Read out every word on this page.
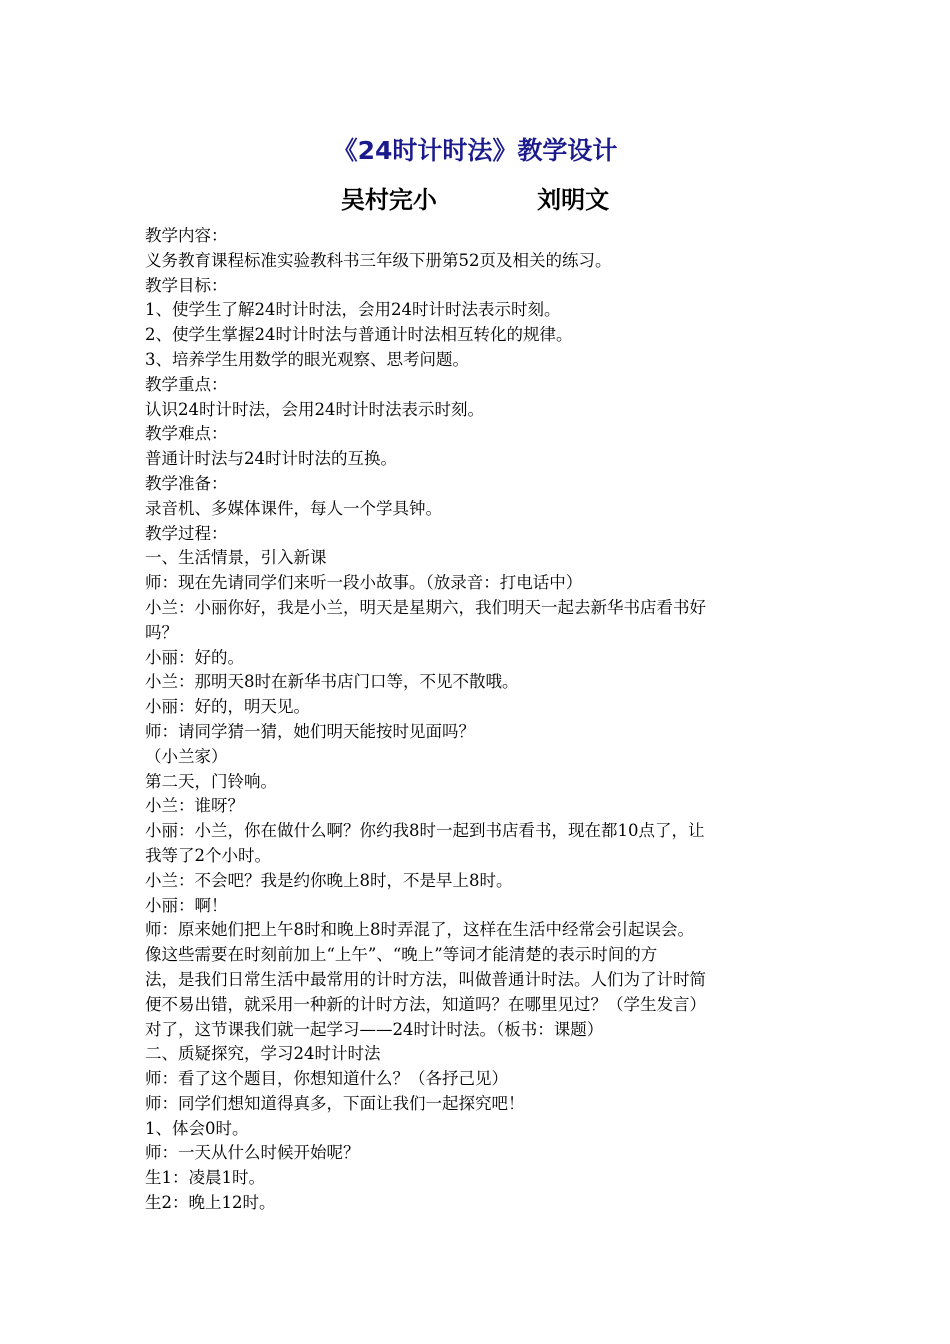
《24时计时法》教学设计
吴村完小            刘明文

教学内容：

义务教育课程标准实验教科书三年级下册第52页及相关的练习。

教学目标：

1、使学生了解24时计时法，会用24时计时法表示时刻。

2、使学生掌握24时计时法与普通计时法相互转化的规律。

3、培养学生用数学的眼光观察、思考问题。

教学重点：

认识24时计时法，会用24时计时法表示时刻。

教学难点：

普通计时法与24时计时法的互换。

教学准备：

录音机、多媒体课件，每人一个学具钟。

教学过程：

一、生活情景，引入新课

师：现在先请同学们来听一段小故事。（放录音：打电话中）

小兰：小丽你好，我是小兰，明天是星期六，我们明天一起去新华书店看书好

吗？

小丽：好的。

小兰：那明天8时在新华书店门口等，不见不散哦。

小丽：好的，明天见。

师：请同学猜一猜，她们明天能按时见面吗？

（小兰家）

第二天，门铃响。

小兰：谁呀？

小丽：小兰，你在做什么啊？你约我8时一起到书店看书，现在都10点了，让

我等了2个小时。

小兰：不会吧？我是约你晚上8时，不是早上8时。

小丽：啊！

师：原来她们把上午8时和晚上8时弄混了，这样在生活中经常会引起误会。

像这些需要在时刻前加上“上午”、“晚上”等词才能清楚的表示时间的方

法，是我们日常生活中最常用的计时方法，叫做普通计时法。人们为了计时简

便不易出错，就采用一种新的计时方法，知道吗？在哪里见过？（学生发言）

对了，这节课我们就一起学习——24时计时法。（板书：课题）

二、质疑探究，学习24时计时法

师：看了这个题目，你想知道什么？（各抒己见）

师：同学们想知道得真多，下面让我们一起探究吧！

1、体会0时。

师：一天从什么时候开始呢？

生1：凌晨1时。

生2：晚上12时。
